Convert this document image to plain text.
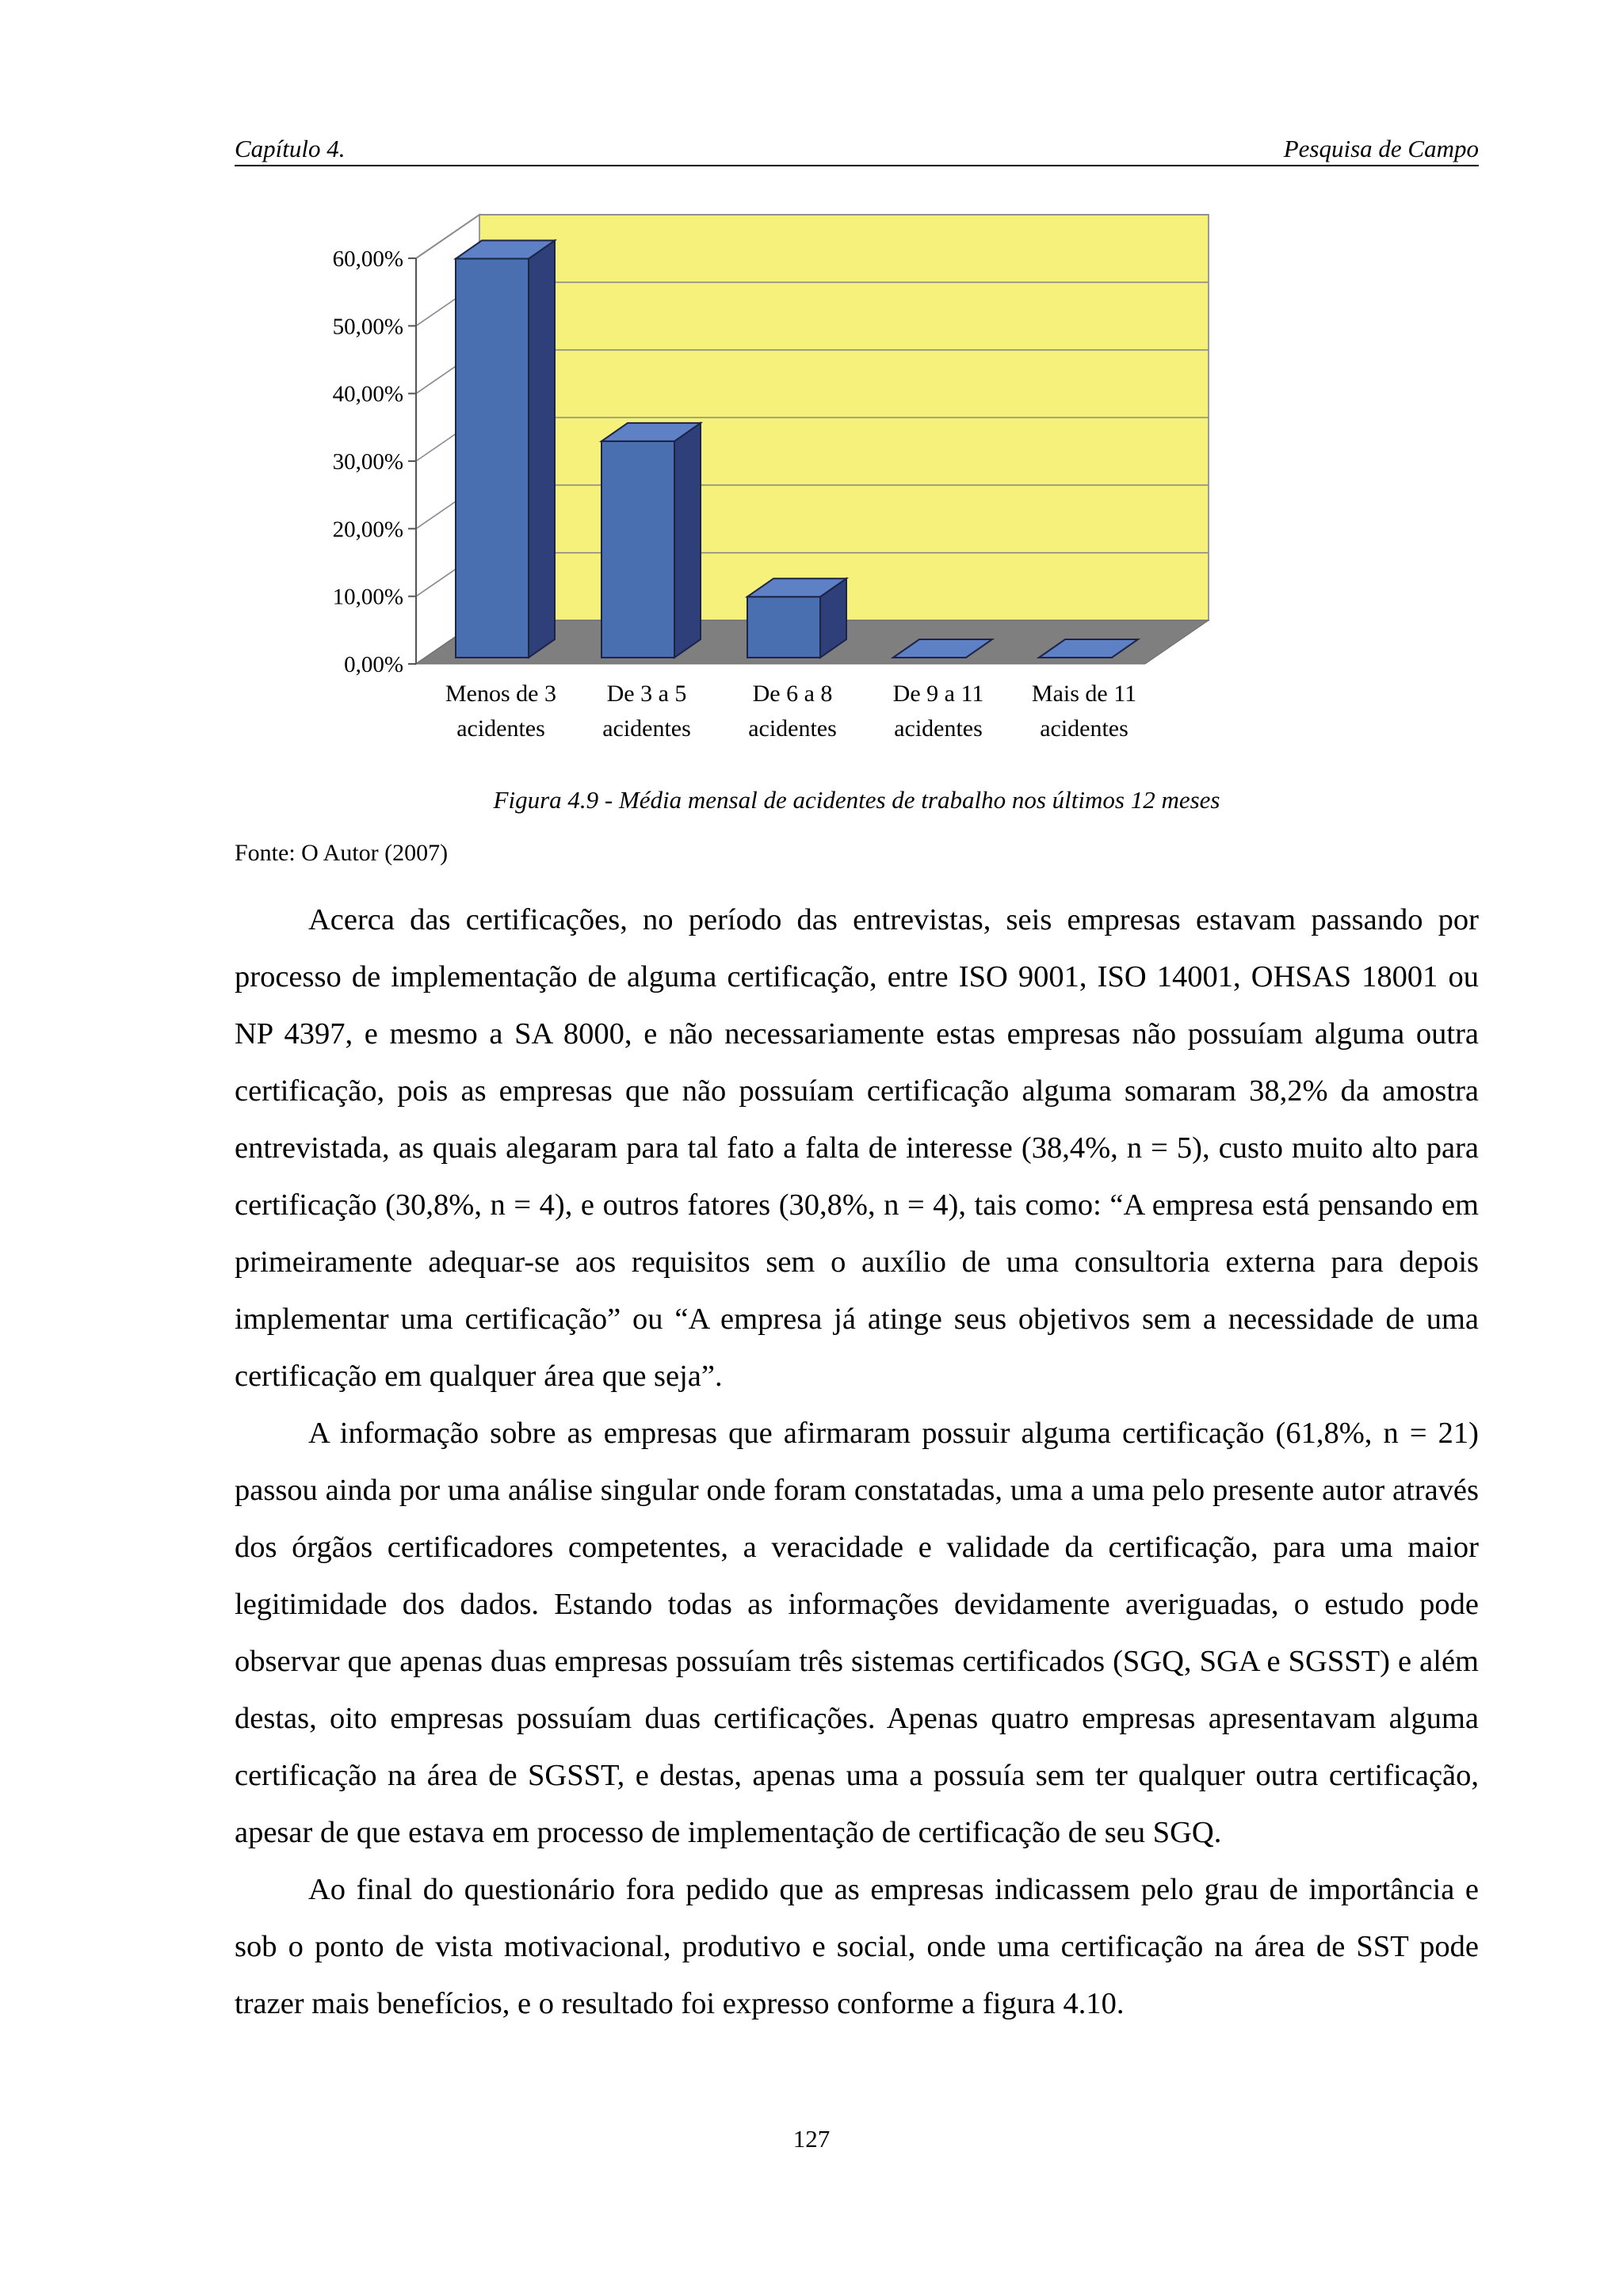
Capítulo 4.	Pesquisa de Campo
0,00%
10,00%
20,00%
30,00%
40,00%
50,00%
60,00%
Menos de 3
acidentes
De 3 a 5
acidentes
De 6 a 8
acidentes
De 9 a 11
acidentes
Mais de 11
acidentes
Figura 4.9 - Média mensal de acidentes de trabalho nos últimos 12 meses
Fonte: O Autor (2007)

Acerca das certificações, no período das entrevistas, seis empresas estavam passando por processo de implementação de alguma certificação, entre ISO 9001, ISO 14001, OHSAS 18001 ou NP 4397, e mesmo a SA 8000, e não necessariamente estas empresas não possuíam alguma outra certificação, pois as empresas que não possuíam certificação alguma somaram 38,2% da amostra entrevistada, as quais alegaram para tal fato a falta de interesse (38,4%, n = 5), custo muito alto para certificação (30,8%, n = 4), e outros fatores (30,8%, n = 4), tais como: “A empresa está pensando em primeiramente adequar-se aos requisitos sem o auxílio de uma consultoria externa para depois implementar uma certificação” ou “A empresa já atinge seus objetivos sem a necessidade de uma certificação em qualquer área que seja”.

A informação sobre as empresas que afirmaram possuir alguma certificação (61,8%, n = 21) passou ainda por uma análise singular onde foram constatadas, uma a uma pelo presente autor através dos órgãos certificadores competentes, a veracidade e validade da certificação, para uma maior legitimidade dos dados. Estando todas as informações devidamente averiguadas, o estudo pode observar que apenas duas empresas possuíam três sistemas certificados (SGQ, SGA e SGSST) e além destas, oito empresas possuíam duas certificações. Apenas quatro empresas apresentavam alguma certificação na área de SGSST, e destas, apenas uma a possuía sem ter qualquer outra certificação, apesar de que estava em processo de implementação de certificação de seu SGQ.

Ao final do questionário fora pedido que as empresas indicassem pelo grau de importância e sob o ponto de vista motivacional, produtivo e social, onde uma certificação na área de SST pode trazer mais benefícios, e o resultado foi expresso conforme a figura 4.10.

127
